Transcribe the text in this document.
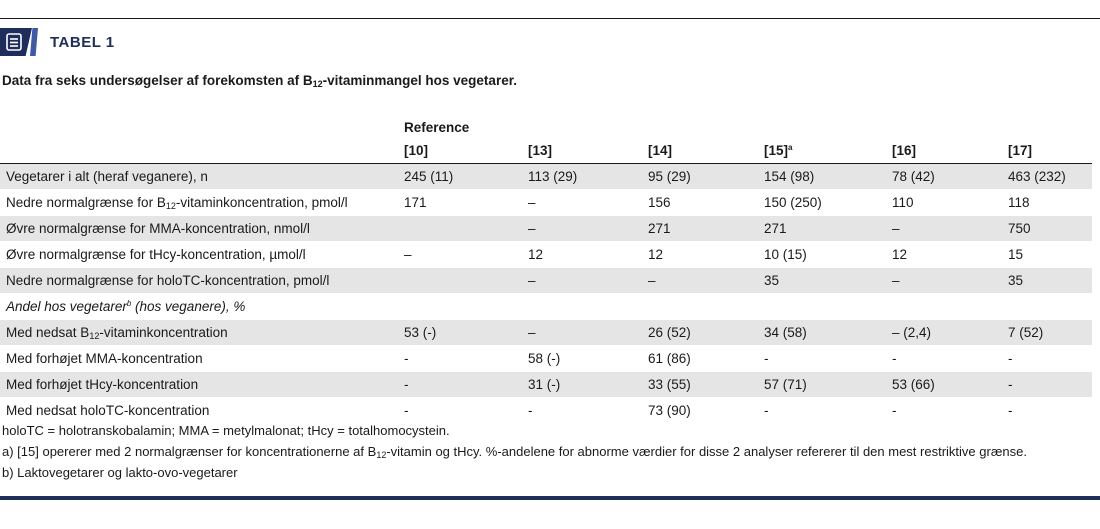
TABEL 1
Data fra seks undersøgelser af forekomsten af $B_{12}$-vitaminmangel hos vegetarer.
	Reference					
	[10]	[13]	[14]	$[15]^a$	[16]	[17]
Vegetarer i alt (heraf veganere), n	245 (11)	113 (29)	95 (29)	154 (98)	78 (42)	463 (232)
Nedre normalgrænse for $B_{12}$-vitaminkoncentration, pmol/l	171	–	156	150 (250)	110	118
Øvre normalgrænse for MMA-koncentration, nmol/l		–	271	271	–	750
Øvre normalgrænse for tHcy-koncentration, µmol/l	–	12	12	10 (15)	12	15
Nedre normalgrænse for holoTC-koncentration, pmol/l		–	–	35	–	35
Andel hos vegetarer$^b$ (hos veganere), %						
Med nedsat $B_{12}$-vitaminkoncentration	53 (-)	–	26 (52)	34 (58)	– (2,4)	7 (52)
Med forhøjet MMA-koncentration	-	58 (-)	61 (86)	-	-	-
Med forhøjet tHcy-koncentration	-	31 (-)	33 (55)	57 (71)	53 (66)	-
Med nedsat holoTC-koncentration	-	-	73 (90)	-	-	-
holoTC = holotranskobalamin; MMA = metylmalonat; tHcy = totalhomocystein.
a) [15] opererer med 2 normalgrænser for koncentrationerne af $B_{12}$-vitamin og tHcy. %-andelene for abnorme værdier for disse 2 analyser refererer til den mest restriktive grænse.
b) Laktovegetarer og lakto-ovo-vegetarer
